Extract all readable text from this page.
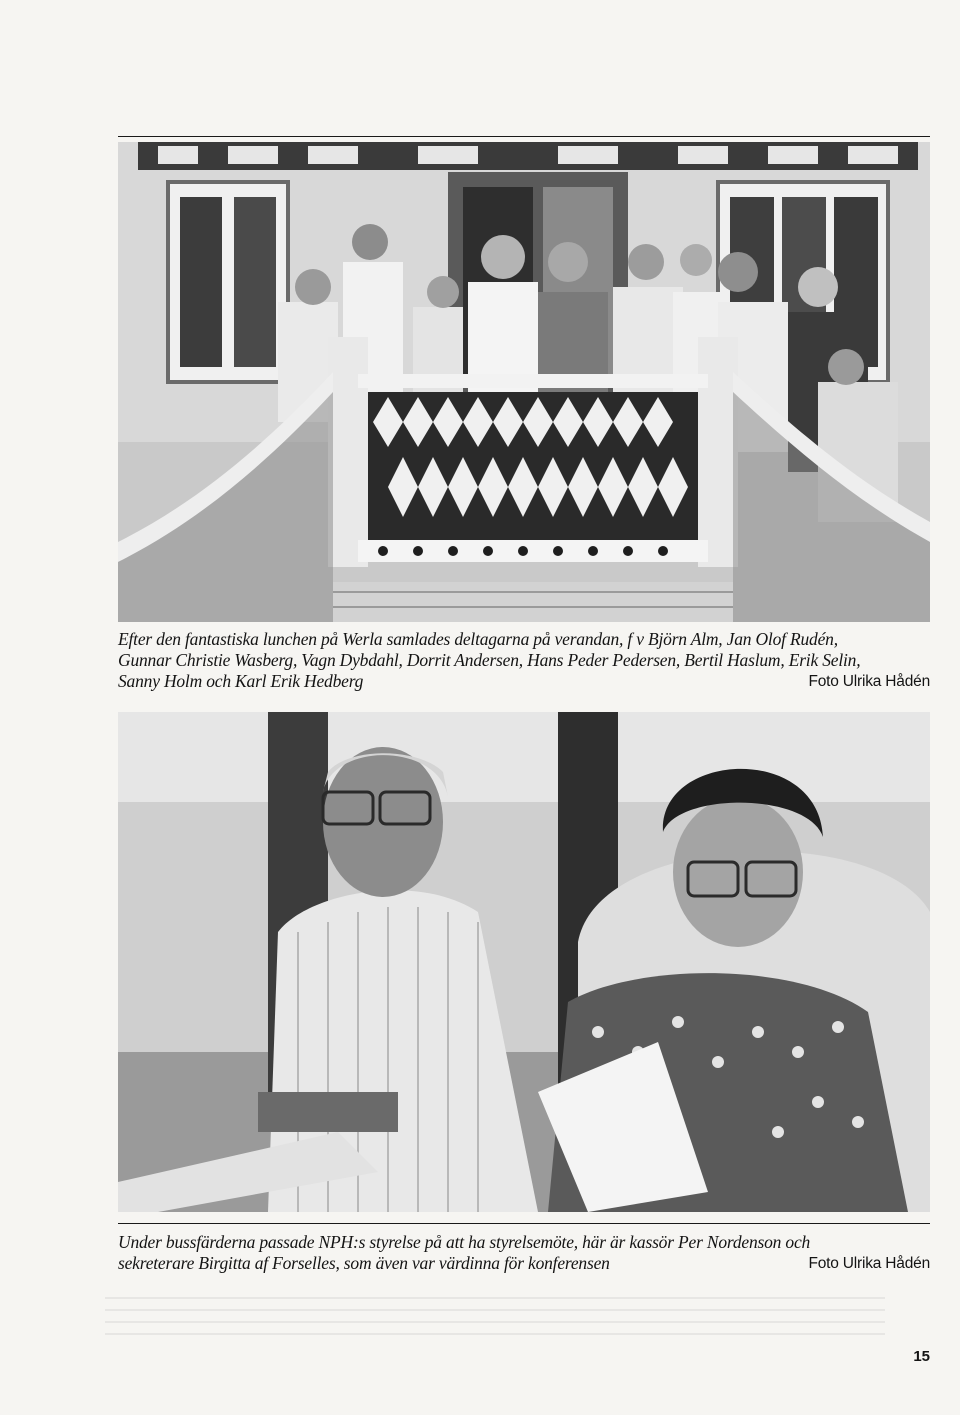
Efter den fantastiska lunchen på Werla samlades deltagarna på verandan, f v Björn Alm, Jan Olof Rudén,
Gunnar Christie Wasberg, Vagn Dybdahl, Dorrit Andersen, Hans Peder Pedersen, Bertil Haslum, Erik Selin,
Sanny Holm och Karl Erik Hedberg	Foto Ulrika Hådén
Under bussfärderna passade NPH:s styrelse på att ha styrelsemöte, här är kassör Per Nordenson och
sekreterare Birgitta af Forselles, som även var värdinna för konferensen	Foto Ulrika Hådén
15
